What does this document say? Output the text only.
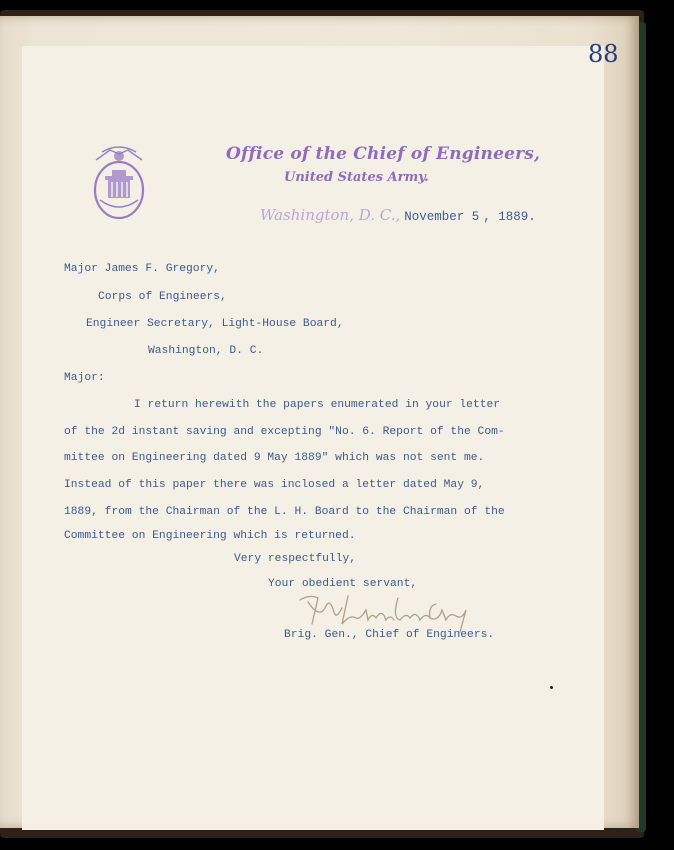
88
Office of the Chief of Engineers,
United States Army.
Washington, D. C., November 5 , 1889.
Major James F. Gregory,
Corps of Engineers,
Engineer Secretary, Light-House Board,
Washington, D. C.
Major:
I return herewith the papers enumerated in your letter
of the 2d instant saving and excepting "No. 6. Report of the Com-
mittee on Engineering dated 9 May 1889" which was not sent me.
Instead of this paper there was inclosed a letter dated May 9,
1889, from the Chairman of the L. H. Board to the Chairman of the
Committee on Engineering which is returned.
Very respectfully,
Your obedient servant,
Brig. Gen., Chief of Engineers.
